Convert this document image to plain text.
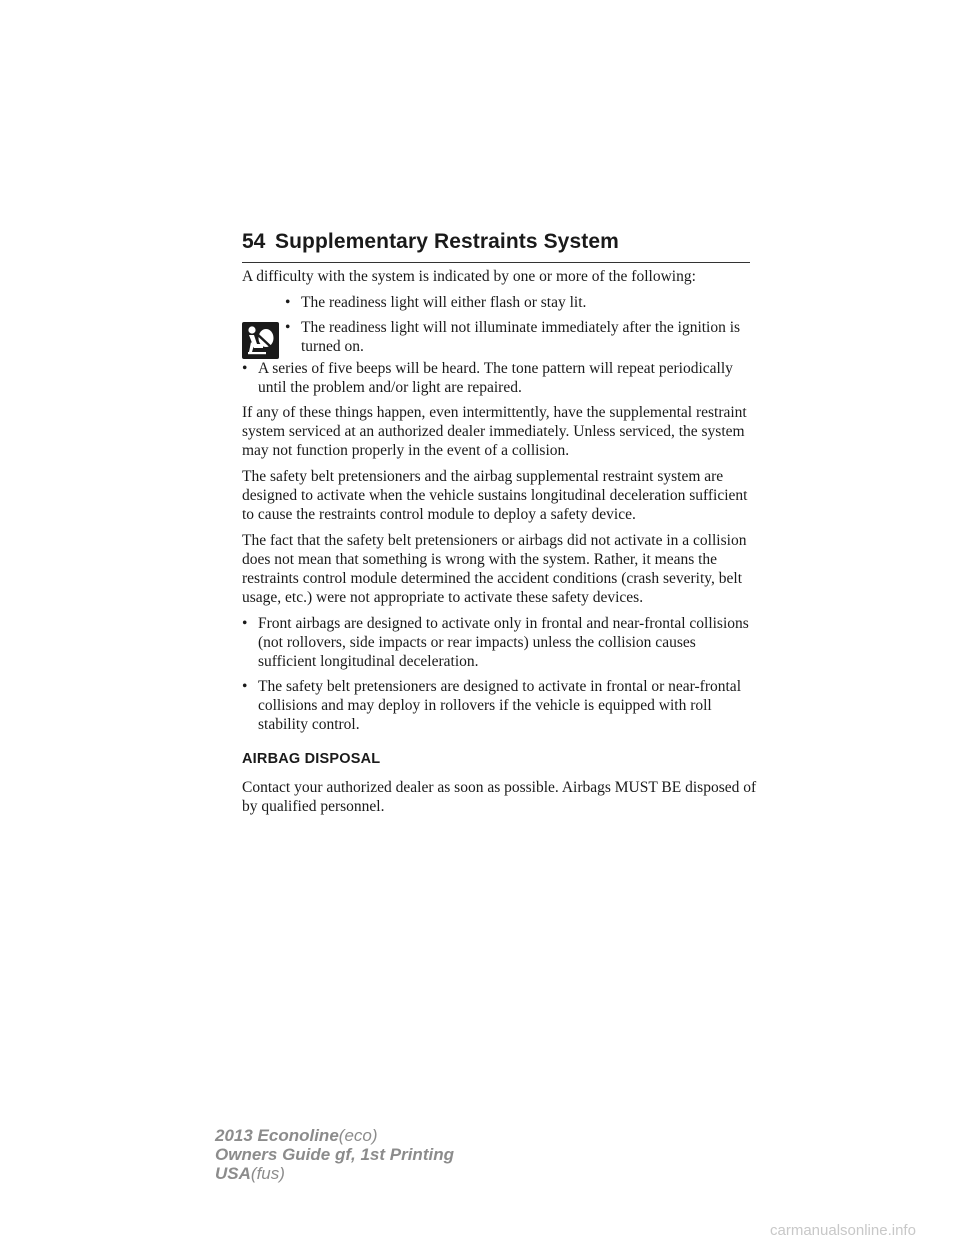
54 Supplementary Restraints System

A difficulty with the system is indicated by one or more of the following:

• The readiness light will either flash or stay lit.
• The readiness light will not illuminate immediately after the ignition is turned on.
• A series of five beeps will be heard. The tone pattern will repeat periodically until the problem and/or light are repaired.

If any of these things happen, even intermittently, have the supplemental restraint system serviced at an authorized dealer immediately. Unless serviced, the system may not function properly in the event of a collision.

The safety belt pretensioners and the airbag supplemental restraint system are designed to activate when the vehicle sustains longitudinal deceleration sufficient to cause the restraints control module to deploy a safety device.

The fact that the safety belt pretensioners or airbags did not activate in a collision does not mean that something is wrong with the system. Rather, it means the restraints control module determined the accident conditions (crash severity, belt usage, etc.) were not appropriate to activate these safety devices.

• Front airbags are designed to activate only in frontal and near-frontal collisions (not rollovers, side impacts or rear impacts) unless the collision causes sufficient longitudinal deceleration.
• The safety belt pretensioners are designed to activate in frontal or near-frontal collisions and may deploy in rollovers if the vehicle is equipped with roll stability control.
AIRBAG DISPOSAL

Contact your authorized dealer as soon as possible. Airbags MUST BE disposed of by qualified personnel.

2013 Econoline(eco)
Owners Guide gf, 1st Printing
USA(fus)
carmanualsonline.info
